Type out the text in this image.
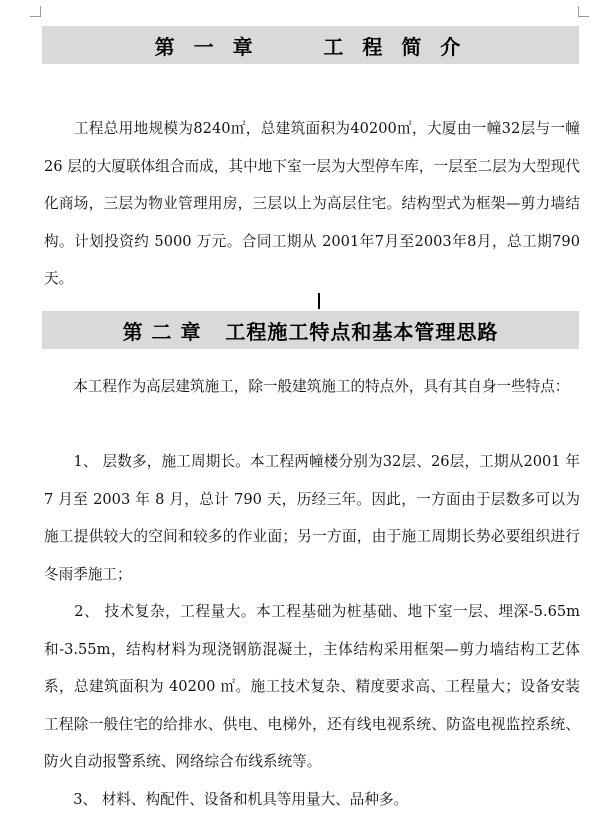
第 一 章     工 程 简 介

　　工程总用地规模为8240㎡，总建筑面积为40200㎡，大厦由一幢32层与一幢 26 层的大厦联体组合而成，其中地下室一层为大型停车库，一层至二层为大型现代化商场，三层为物业管理用房，三层以上为高层住宅。结构型式为框架—剪力墙结构。计划投资约 5000 万元。合同工期从 2001年7月至2003年8月，总工期790天。

第 二 章   工程施工特点和基本管理思路

　　本工程作为高层建筑施工，除一般建筑施工的特点外，具有其自身一些特点：

　　1、 层数多，施工周期长。本工程两幢楼分别为32层、26层，工期从2001 年 7 月至 2003 年 8 月，总计 790 天，历经三年。因此，一方面由于层数多可以为施工提供较大的空间和较多的作业面；另一方面，由于施工周期长势必要组织进行冬雨季施工；

　　2、 技术复杂，工程量大。本工程基础为桩基础、地下室一层、埋深-5.65m和-3.55m，结构材料为现浇钢筋混凝土，主体结构采用框架—剪力墙结构工艺体系，总建筑面积为 40200 ㎡。施工技术复杂、精度要求高、工程量大；设备安装工程除一般住宅的给排水、供电、电梯外，还有线电视系统、防盗电视监控系统、防火自动报警系统、网络综合布线系统等。

　　3、 材料、构配件、设备和机具等用量大、品种多。
